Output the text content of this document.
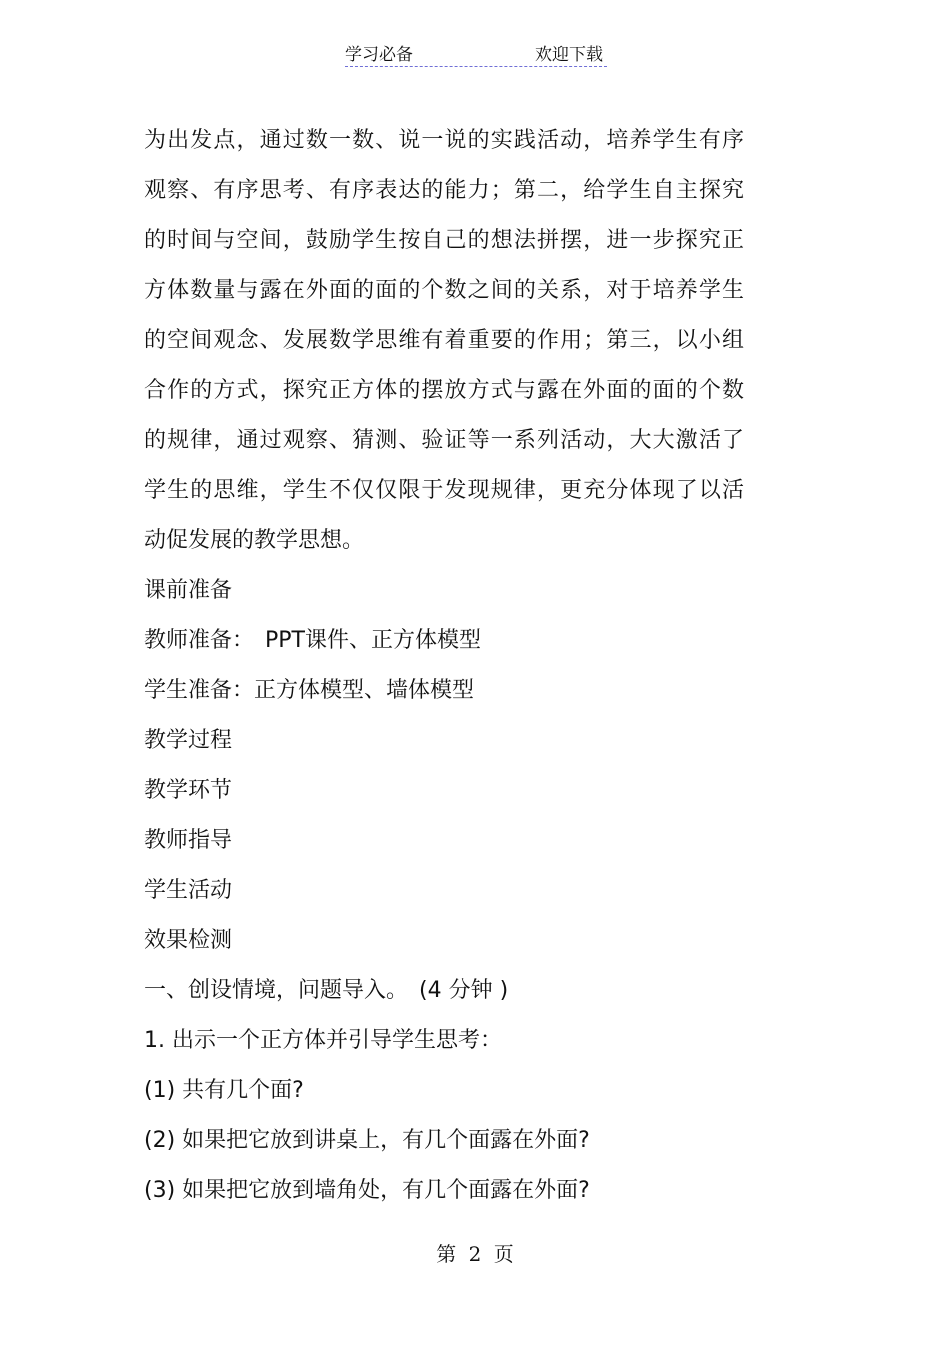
学习必备	欢迎下载
为出发点，通过数一数、说一说的实践活动，培养学生有序
观察、有序思考、有序表达的能力；第二，给学生自主探究
的时间与空间，鼓励学生按自己的想法拼摆，进一步探究正
方体数量与露在外面的面的个数之间的关系，对于培养学生
的空间观念、发展数学思维有着重要的作用；第三，以小组
合作的方式，探究正方体的摆放方式与露在外面的面的个数
的规律，通过观察、猜测、验证等一系列活动，大大激活了
学生的思维，学生不仅仅限于发现规律，更充分体现了以活
动促发展的教学思想。
课前准备
教师准备：　PPT课件、正方体模型
学生准备：正方体模型、墙体模型
教学过程
教学环节
教师指导
学生活动
效果检测
一、创设情境，问题导入。　(4 分钟 )
1. 出示一个正方体并引导学生思考：
(1) 共有几个面?
(2) 如果把它放到讲桌上，有几个面露在外面?
(3) 如果把它放到墙角处，有几个面露在外面?
第 2 页
